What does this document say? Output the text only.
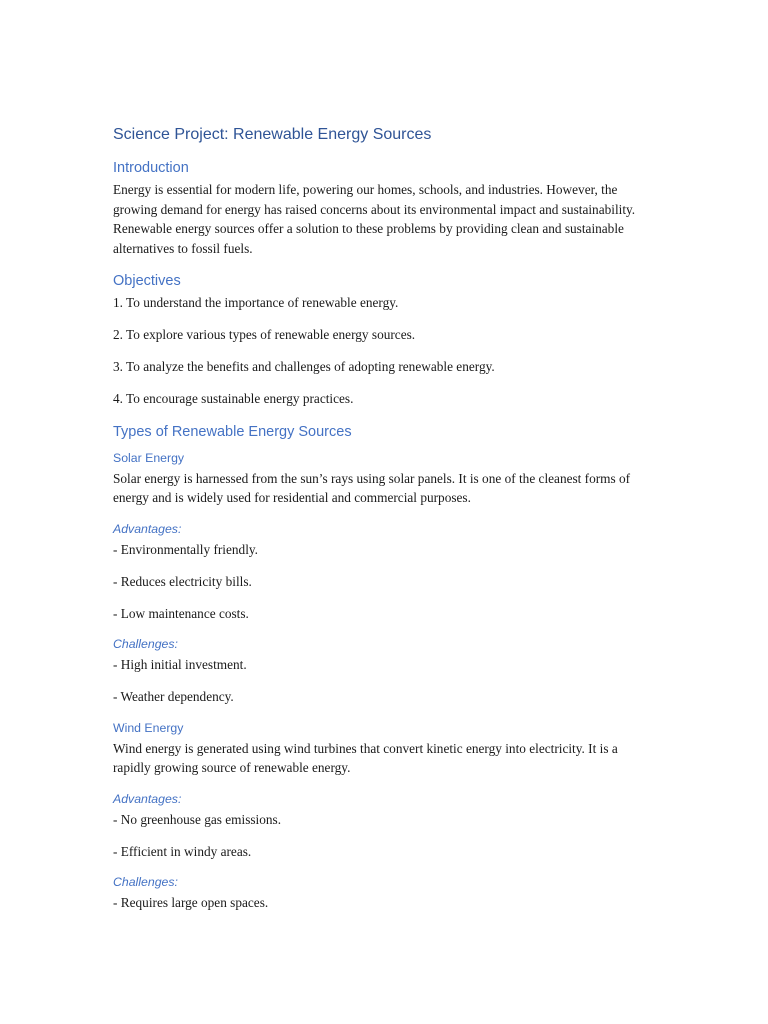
Science Project: Renewable Energy Sources
Introduction

Energy is essential for modern life, powering our homes, schools, and industries. However, the growing demand for energy has raised concerns about its environmental impact and sustainability. Renewable energy sources offer a solution to these problems by providing clean and sustainable alternatives to fossil fuels.

Objectives

1. To understand the importance of renewable energy.

2. To explore various types of renewable energy sources.

3. To analyze the benefits and challenges of adopting renewable energy.

4. To encourage sustainable energy practices.

Types of Renewable Energy Sources
Solar Energy

Solar energy is harnessed from the sun’s rays using solar panels. It is one of the cleanest forms of energy and is widely used for residential and commercial purposes.

Advantages:

- Environmentally friendly.

- Reduces electricity bills.

- Low maintenance costs.

Challenges:

- High initial investment.

- Weather dependency.

Wind Energy

Wind energy is generated using wind turbines that convert kinetic energy into electricity. It is a rapidly growing source of renewable energy.

Advantages:

- No greenhouse gas emissions.

- Efficient in windy areas.

Challenges:

- Requires large open spaces.
